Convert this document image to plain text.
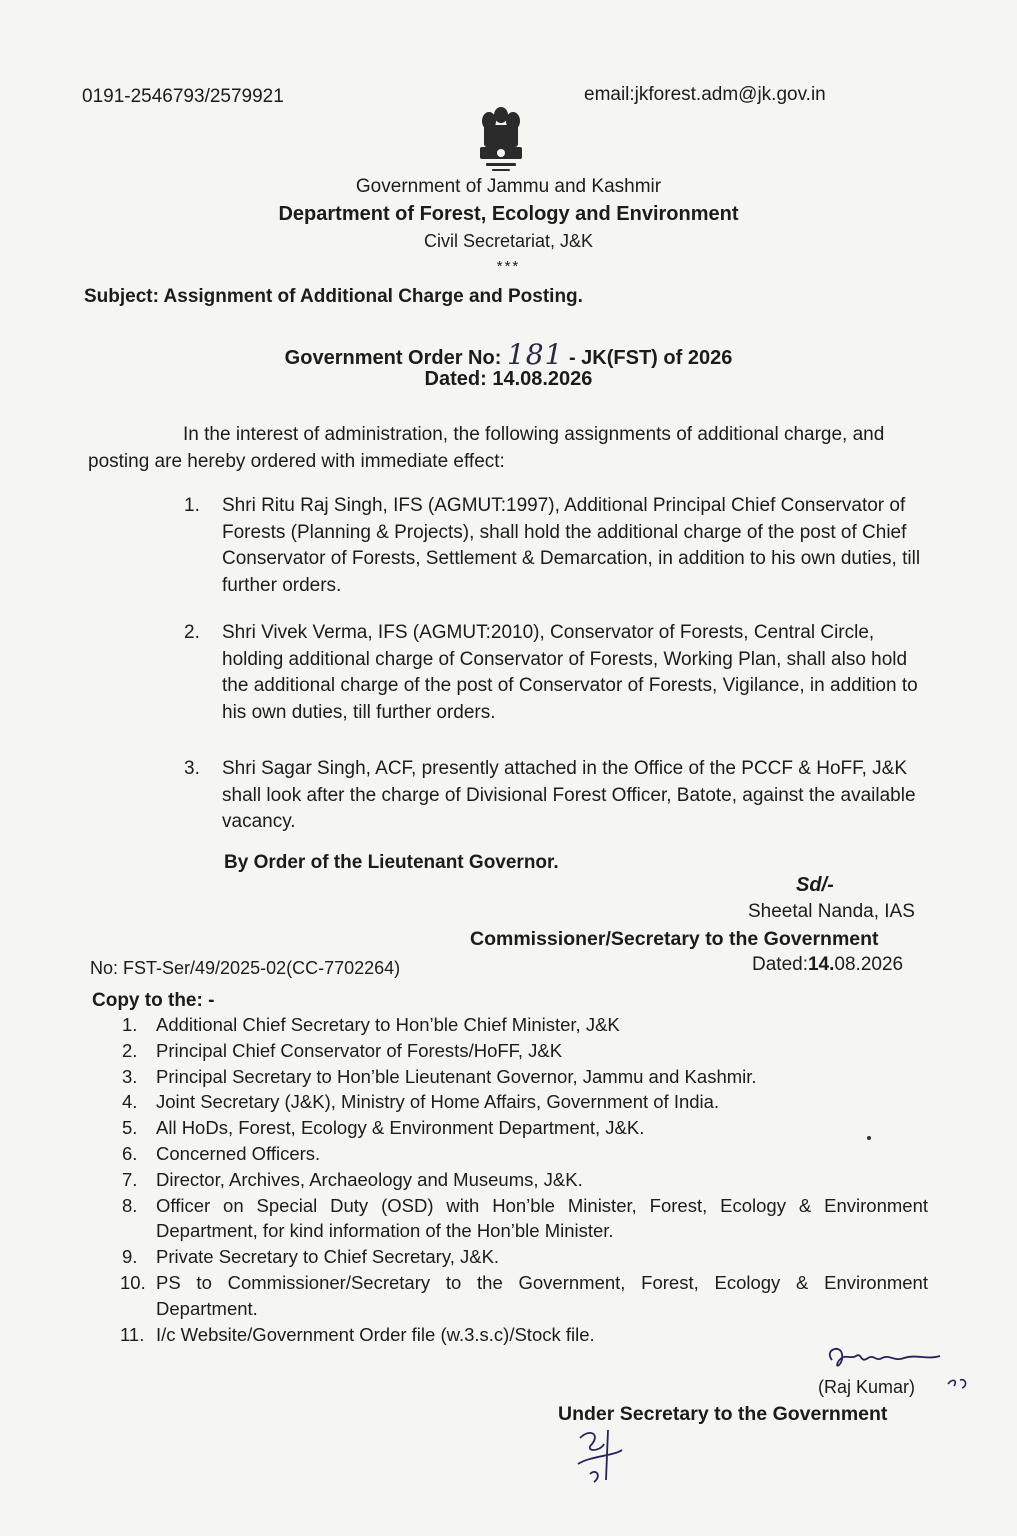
0191-2546793/2579921	email:jkforest.adm@jk.gov.in
Government of Jammu and Kashmir
Department of Forest, Ecology and Environment
Civil Secretariat, J&K
***
Subject: Assignment of Additional Charge and Posting.
Government Order No: 181 - JK(FST) of 2026
Dated: 14.08.2026
In the interest of administration, the following assignments of additional charge, and posting are hereby ordered with immediate effect:
1. Shri Ritu Raj Singh, IFS (AGMUT:1997), Additional Principal Chief Conservator of Forests (Planning & Projects), shall hold the additional charge of the post of Chief Conservator of Forests, Settlement & Demarcation, in addition to his own duties, till further orders.
2. Shri Vivek Verma, IFS (AGMUT:2010), Conservator of Forests, Central Circle, holding additional charge of Conservator of Forests, Working Plan, shall also hold the additional charge of the post of Conservator of Forests, Vigilance, in addition to his own duties, till further orders.
3. Shri Sagar Singh, ACF, presently attached in the Office of the PCCF & HoFF, J&K shall look after the charge of Divisional Forest Officer, Batote, against the available vacancy.
By Order of the Lieutenant Governor.
Sd/-
Sheetal Nanda, IAS
Commissioner/Secretary to the Government
No: FST-Ser/49/2025-02(CC-7702264)	Dated:14.08.2026
Copy to the: -
1. Additional Chief Secretary to Hon’ble Chief Minister, J&K
2. Principal Chief Conservator of Forests/HoFF, J&K
3. Principal Secretary to Hon’ble Lieutenant Governor, Jammu and Kashmir.
4. Joint Secretary (J&K), Ministry of Home Affairs, Government of India.
5. All HoDs, Forest, Ecology & Environment Department, J&K.
6. Concerned Officers.
7. Director, Archives, Archaeology and Museums, J&K.
8. Officer on Special Duty (OSD) with Hon’ble Minister, Forest, Ecology & Environment Department, for kind information of the Hon’ble Minister.
9. Private Secretary to Chief Secretary, J&K.
10. PS to Commissioner/Secretary to the Government, Forest, Ecology & Environment Department.
11. I/c Website/Government Order file (w.3.s.c)/Stock file.
(Raj Kumar)
Under Secretary to the Government
